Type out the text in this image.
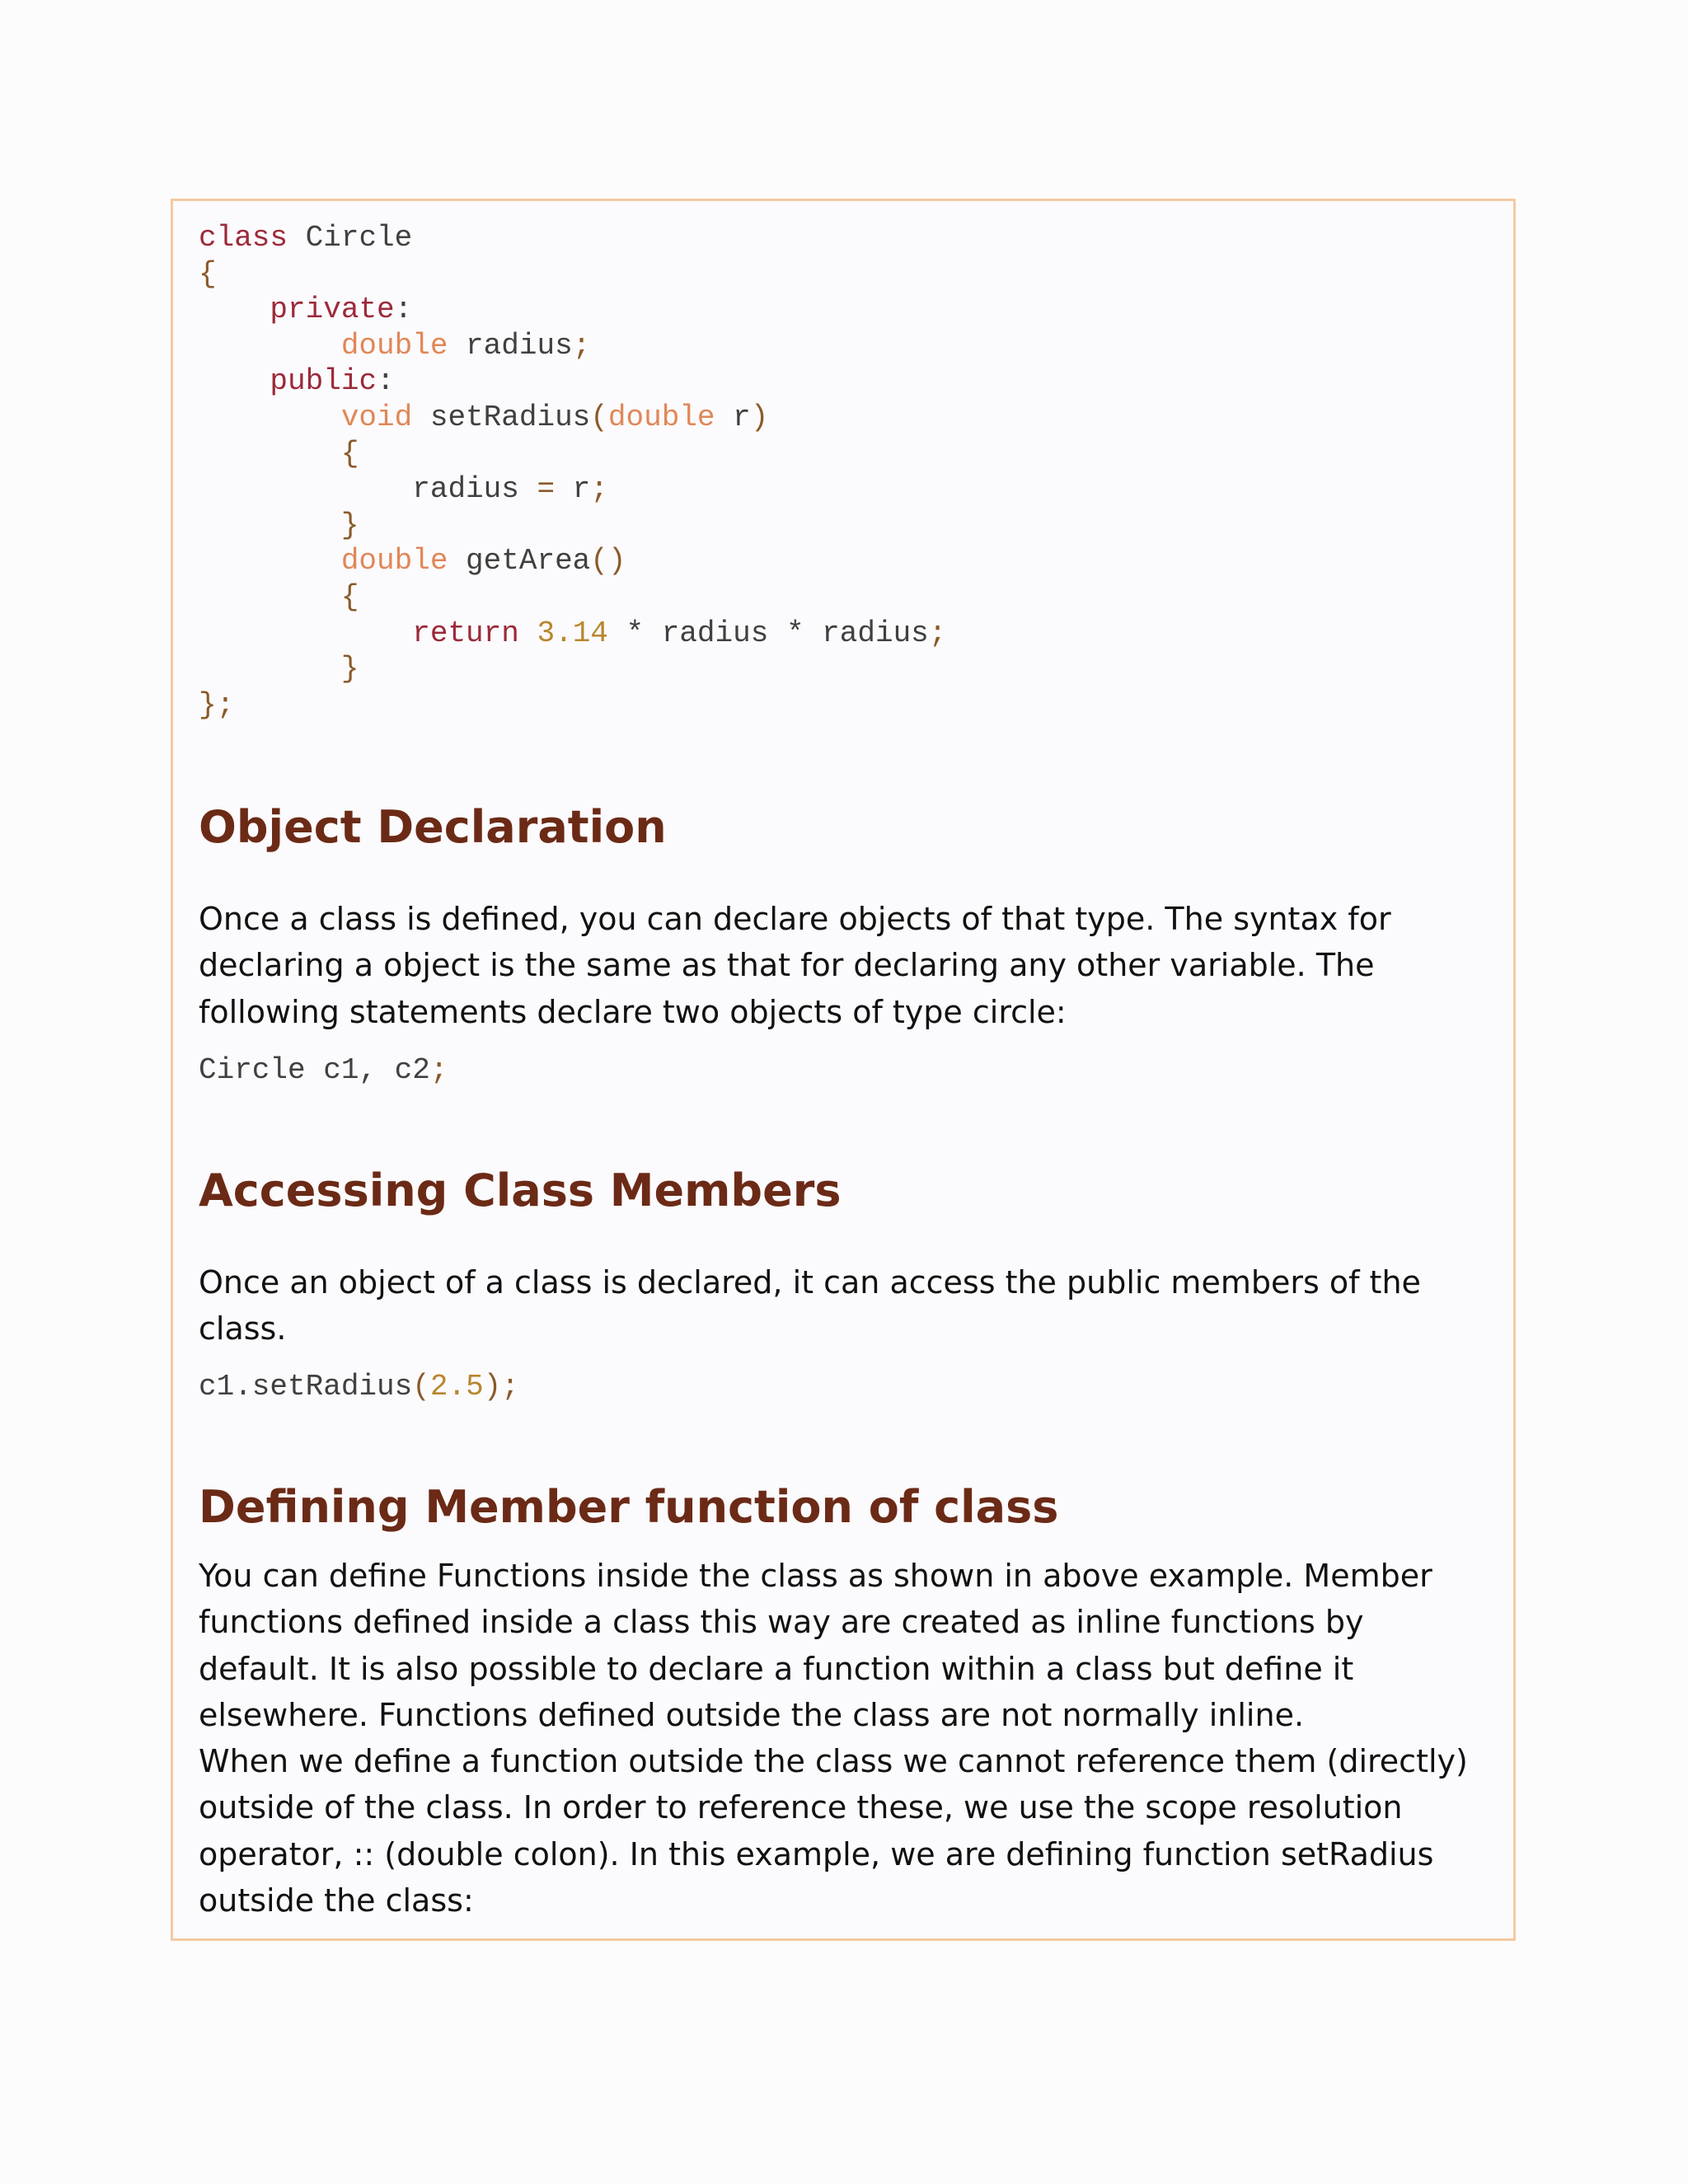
class Circle
{
private:
double radius;
public:
void setRadius(double r)
{
radius = r;
}
double getArea()
{
return 3.14 * radius * radius;
}
};
Object Declaration

Once a class is defined, you can declare objects of that type. The syntax for
declaring a object is the same as that for declaring any other variable. The
following statements declare two objects of type circle:

Circle c1, c2;
Accessing Class Members

Once an object of a class is declared, it can access the public members of the
class.

c1.setRadius(2.5);
Defining Member function of class

You can define Functions inside the class as shown in above example. Member
functions defined inside a class this way are created as inline functions by
default. It is also possible to declare a function within a class but define it
elsewhere. Functions defined outside the class are not normally inline.
When we define a function outside the class we cannot reference them (directly)
outside of the class. In order to reference these, we use the scope resolution
operator, :: (double colon). In this example, we are defining function setRadius
outside the class:
